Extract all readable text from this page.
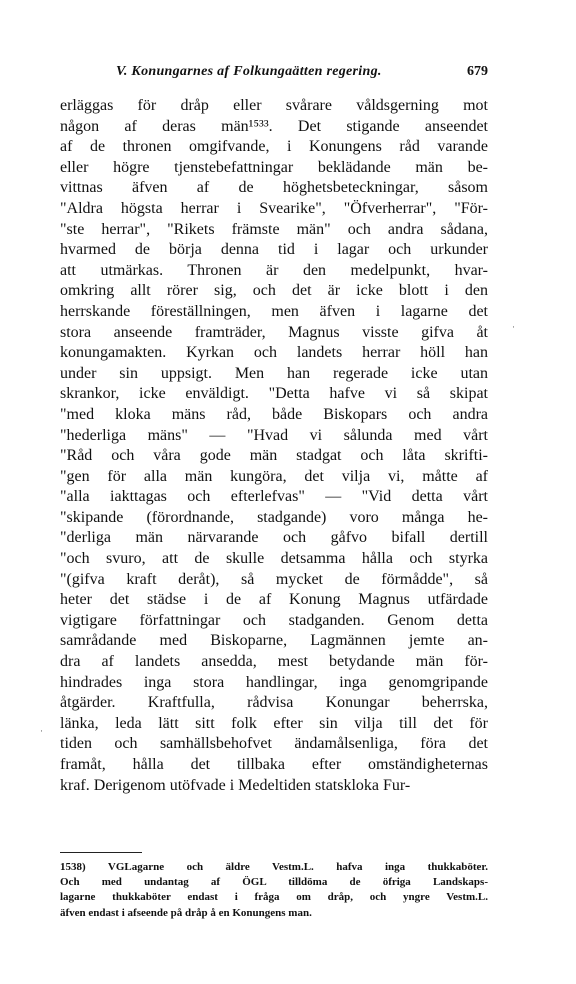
V. Konungarnes af Folkungaätten regering.	679
erläggas för dråp eller svårare våldsgerning mot
någon af deras män¹⁵³³. Det stigande anseendet
af de thronen omgifvande, i Konungens råd varande
eller högre tjenstebefattningar beklädande män be-
vittnas äfven af de höghetsbeteckningar, såsom
"Aldra högsta herrar i Svearike", "Öfverherrar", "För-
"ste herrar", "Rikets främste män" och andra sådana,
hvarmed de börja denna tid i lagar och urkunder
att utmärkas. Thronen är den medelpunkt, hvar-
omkring allt rörer sig, och det är icke blott i den
herrskande föreställningen, men äfven i lagarne det
stora anseende framträder, Magnus visste gifva åt
konungamakten. Kyrkan och landets herrar höll han
under sin uppsigt. Men han regerade icke utan
skrankor, icke enväldigt. "Detta hafve vi så skipat
"med kloka mäns råd, både Biskopars och andra
"hederliga mäns" — "Hvad vi sålunda med vårt
"Råd och våra gode män stadgat och låta skrifti-
"gen för alla män kungöra, det vilja vi, måtte af
"alla iakttagas och efterlefvas" — "Vid detta vårt
"skipande (förordnande, stadgande) voro många he-
"derliga män närvarande och gåfvo bifall dertill
"och svuro, att de skulle detsamma hålla och styrka
"(gifva kraft deråt), så mycket de förmådde", så
heter det städse i de af Konung Magnus utfärdade
vigtigare författningar och stadganden. Genom detta
samrådande med Biskoparne, Lagmännen jemte an-
dra af landets ansedda, mest betydande män för-
hindrades inga stora handlingar, inga genomgripande
åtgärder. Kraftfulla, rådvisa Konungar beherrska,
länka, leda lätt sitt folk efter sin vilja till det för
tiden och samhällsbehofvet ändamålsenliga, föra det
framåt, hålla det tillbaka efter omständigheternas
kraf. Derigenom utöfvade i Medeltiden statskloka Fur-
·
·
1538) VGLagarne och äldre Vestm.L. hafva inga thukkaböter.
Och med undantag af ÖGL tilldöma de öfriga Landskaps-
lagarne thukkaböter endast i fråga om dråp, och yngre Vestm.L.
äfven endast i afseende på dråp å en Konungens man.
